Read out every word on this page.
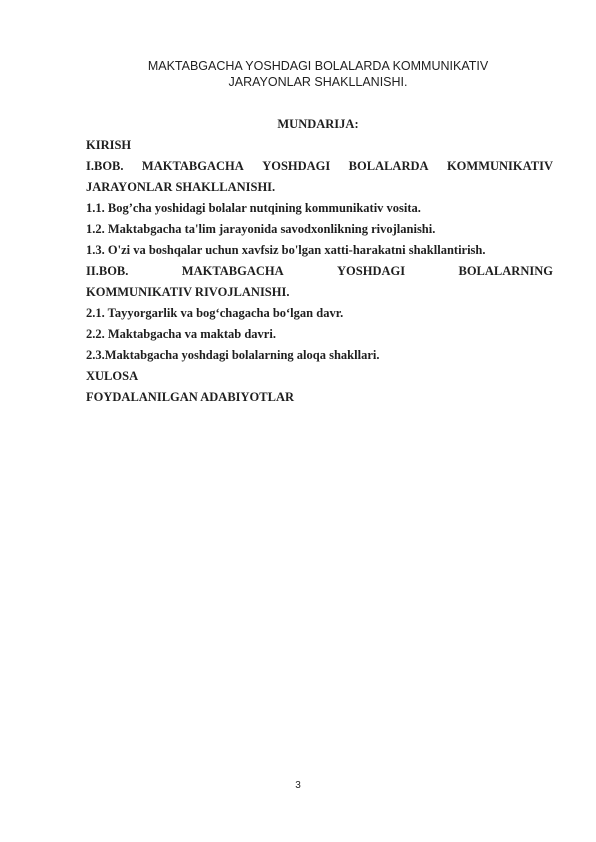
MAKTABGACHA YOSHDAGI BOLALARDA KOMMUNIKATIV
JARAYONLAR SHAKLLANISHI.
MUNDARIJA:
KIRISH
I.BOB. MAKTABGACHA YOSHDAGI BOLALARDA KOMMUNIKATIV
JARAYONLAR SHAKLLANISHI.
1.1. Bog’cha yoshidagi bolalar nutqining kommunikativ vosita.
1.2. Maktabgacha ta'lim jarayonida savodxonlikning rivojlanishi.
1.3. O'zi va boshqalar uchun xavfsiz bo'lgan xatti-harakatni shakllantirish.
II.BOB.	MAKTABGACHA	YOSHDAGI	BOLALARNING
KOMMUNIKATIV RIVOJLANISHI.
2.1. Tayyorgarlik va bog‘chagacha bo‘lgan davr.
2.2. Maktabgacha va maktab davri.
2.3.Maktabgacha yoshdagi bolalarning aloqa shakllari.
XULOSA
FOYDALANILGAN ADABIYOTLAR
3
